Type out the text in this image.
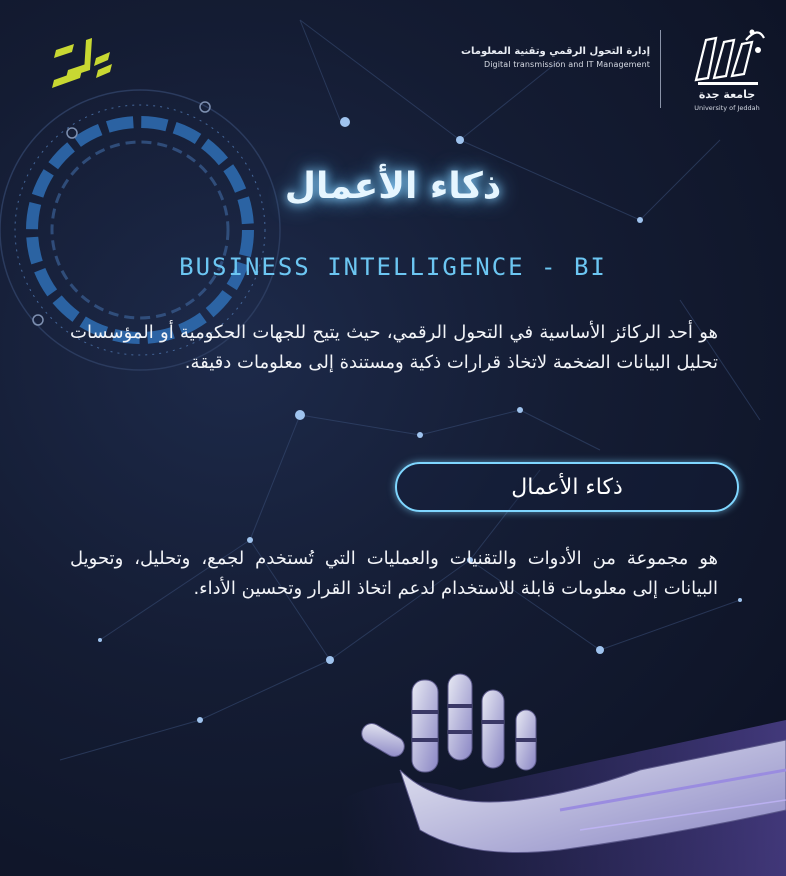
إدارة التحول الرقمي وتقنية المعلومات
Digital transmission and IT Management
جامعة جدة
University of Jeddah
ذكاء الأعمال
BUSINESS INTELLIGENCE - BI
هو أحد الركائز الأساسية في التحول الرقمي، حيث يتيح للجهات الحكومية أو المؤسسات تحليل البيانات الضخمة لاتخاذ قرارات ذكية ومستندة إلى معلومات دقيقة.
ذكاء الأعمال
هو مجموعة من الأدوات والتقنيات والعمليات التي تُستخدم لجمع، وتحليل، وتحويل البيانات إلى معلومات قابلة للاستخدام لدعم اتخاذ القرار وتحسين الأداء.
